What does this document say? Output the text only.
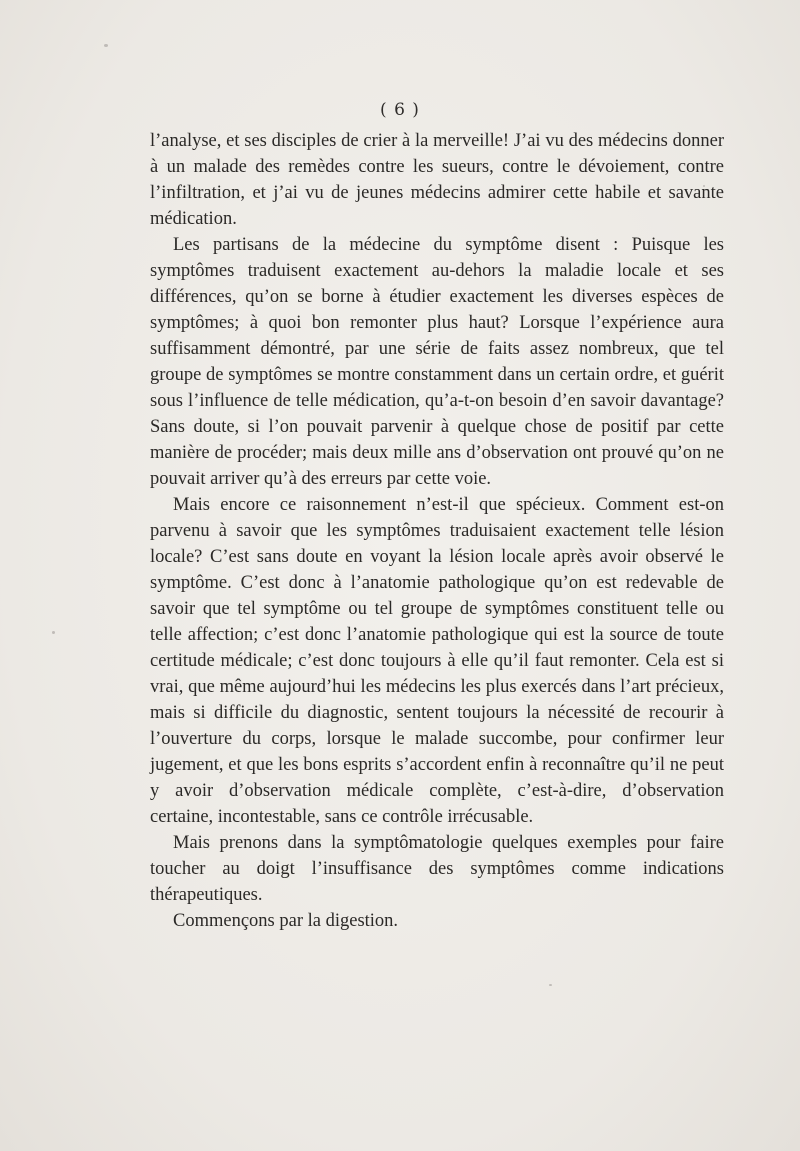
( 6 )

l’analyse, et ses disciples de crier à la merveille! J’ai vu des médecins donner à un malade des remèdes contre les sueurs, contre le dévoiement, contre l’infiltration, et j’ai vu de jeunes médecins admirer cette habile et savante médication.

Les partisans de la médecine du symptôme disent : Puisque les symptômes traduisent exactement au-dehors la maladie locale et ses différences, qu’on se borne à étudier exactement les diverses espèces de symptômes; à quoi bon remonter plus haut? Lorsque l’expérience aura suffisamment démontré, par une série de faits assez nombreux, que tel groupe de symptômes se montre constamment dans un certain ordre, et guérit sous l’influence de telle médication, qu’a-t-on besoin d’en savoir davantage? Sans doute, si l’on pouvait parvenir à quelque chose de positif par cette manière de procéder; mais deux mille ans d’observation ont prouvé qu’on ne pouvait arriver qu’à des erreurs par cette voie.

Mais encore ce raisonnement n’est-il que spécieux. Comment est-on parvenu à savoir que les symptômes traduisaient exactement telle lésion locale? C’est sans doute en voyant la lésion locale après avoir observé le symptôme. C’est donc à l’anatomie pathologique qu’on est redevable de savoir que tel symptôme ou tel groupe de symptômes constituent telle ou telle affection; c’est donc l’anatomie pathologique qui est la source de toute certitude médicale; c’est donc toujours à elle qu’il faut remonter. Cela est si vrai, que même aujourd’hui les médecins les plus exercés dans l’art précieux, mais si difficile du diagnostic, sentent toujours la nécessité de recourir à l’ouverture du corps, lorsque le malade succombe, pour confirmer leur jugement, et que les bons esprits s’accordent enfin à reconnaître qu’il ne peut y avoir d’observation médicale complète, c’est-à-dire, d’observation certaine, incontestable, sans ce contrôle irrécusable.

Mais prenons dans la symptômatologie quelques exemples pour faire toucher au doigt l’insuffisance des symptômes comme indications thérapeutiques.

Commençons par la digestion.
